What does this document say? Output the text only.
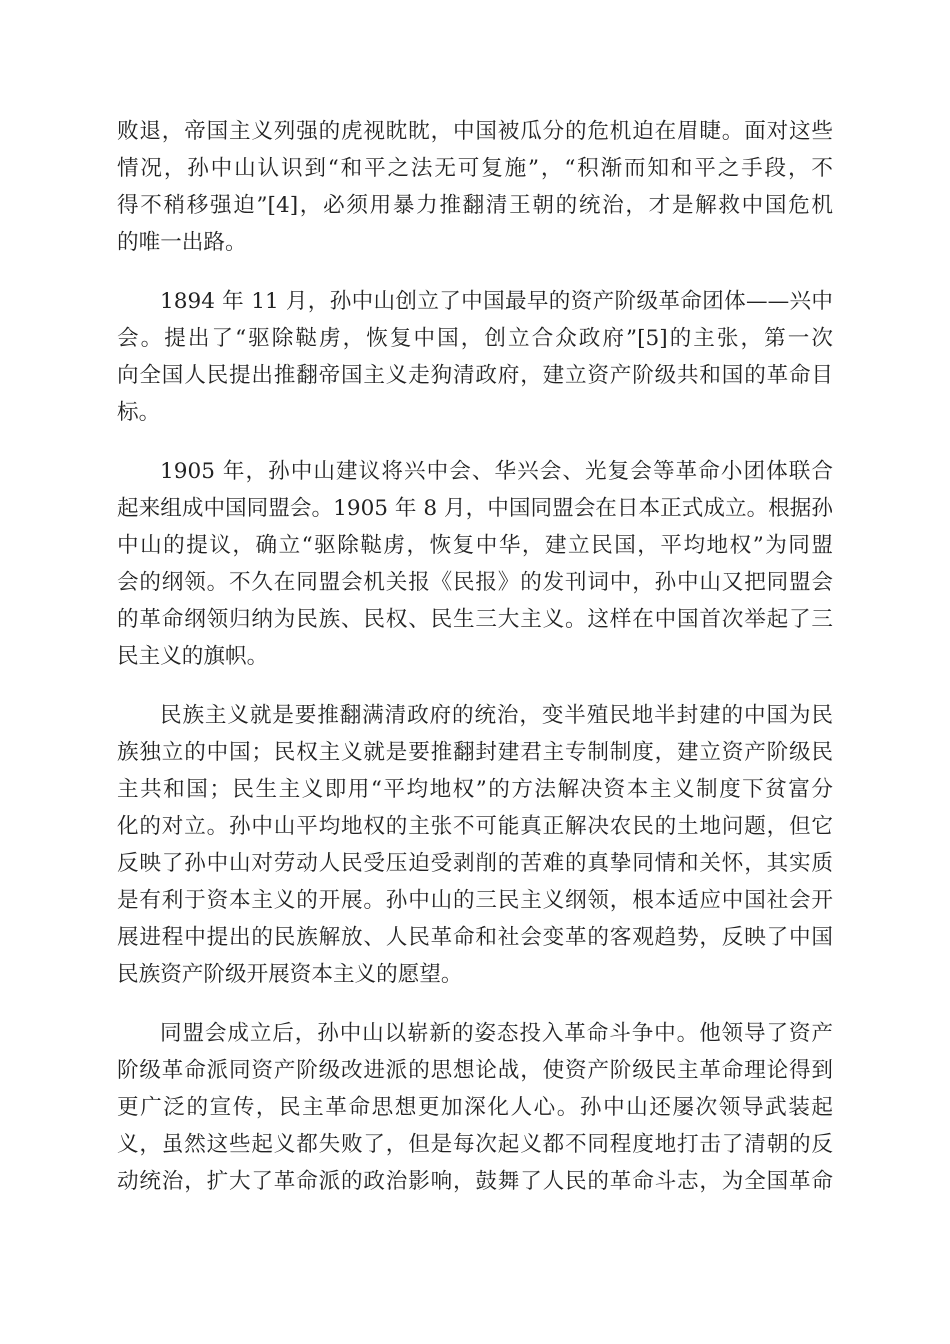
败退，帝国主义列强的虎视眈眈，中国被瓜分的危机迫在眉睫。面对这些
情况，孙中山认识到“和平之法无可复施”，“积渐而知和平之手段，不
得不稍移强迫”[4]，必须用暴力推翻清王朝的统治，才是解救中国危机
的唯一出路。
1894 年 11 月，孙中山创立了中国最早的资产阶级革命团体——兴中
会。提出了“驱除鞑虏，恢复中国，创立合众政府”[5]的主张，第一次
向全国人民提出推翻帝国主义走狗清政府，建立资产阶级共和国的革命目
标。
1905 年，孙中山建议将兴中会、华兴会、光复会等革命小团体联合
起来组成中国同盟会。1905 年 8 月，中国同盟会在日本正式成立。根据孙
中山的提议，确立“驱除鞑虏，恢复中华，建立民国，平均地权”为同盟
会的纲领。不久在同盟会机关报《民报》的发刊词中，孙中山又把同盟会
的革命纲领归纳为民族、民权、民生三大主义。这样在中国首次举起了三
民主义的旗帜。
民族主义就是要推翻满清政府的统治，变半殖民地半封建的中国为民
族独立的中国；民权主义就是要推翻封建君主专制制度，建立资产阶级民
主共和国；民生主义即用“平均地权”的方法解决资本主义制度下贫富分
化的对立。孙中山平均地权的主张不可能真正解决农民的土地问题，但它
反映了孙中山对劳动人民受压迫受剥削的苦难的真挚同情和关怀，其实质
是有利于资本主义的开展。孙中山的三民主义纲领，根本适应中国社会开
展进程中提出的民族解放、人民革命和社会变革的客观趋势，反映了中国
民族资产阶级开展资本主义的愿望。
同盟会成立后，孙中山以崭新的姿态投入革命斗争中。他领导了资产
阶级革命派同资产阶级改进派的思想论战，使资产阶级民主革命理论得到
更广泛的宣传，民主革命思想更加深化人心。孙中山还屡次领导武装起
义，虽然这些起义都失败了，但是每次起义都不同程度地打击了清朝的反
动统治，扩大了革命派的政治影响，鼓舞了人民的革命斗志，为全国革命
